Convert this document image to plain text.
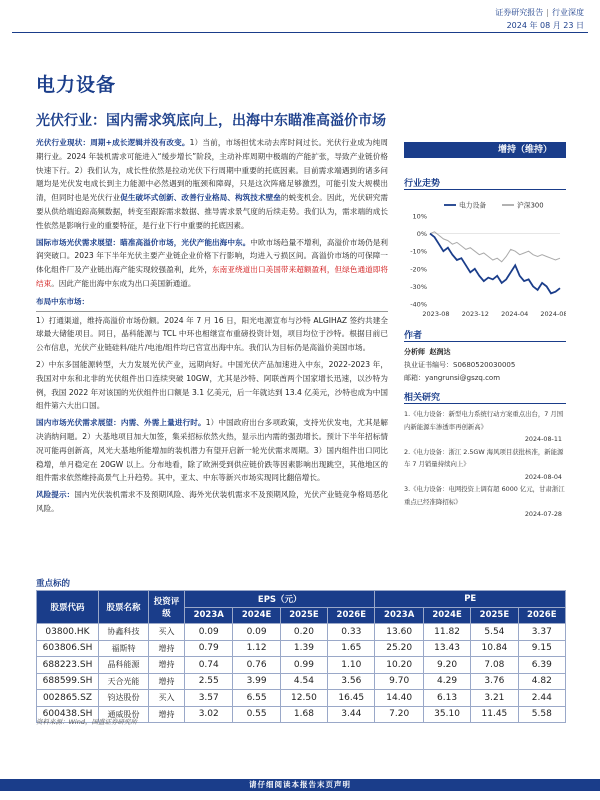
证券研究报告 | 行业深度
2024 年 08 月 23 日
电力设备
光伏行业：国内需求筑底向上，出海中东瞄准高溢价市场
光伏行业现状：周期+成长逻辑并没有改变。1）当前，市场担忧未动去库时间过长。光伏行业成为纯周期行业。2024 年装机需求可能进入“缓步增长”阶段，主动补库周期中极端的产能扩张，导致产业链价格快速下行。2）我们认为，成长性依然是拉动光伏下行周期中重要的托底因素。目前需求端遇到的诸多问题均是光伏发电成长到主力能源中必然遇到的瓶颈和障碍，只是这次阵痛足够激烈，可能引发大规模出清，但同时也是光伏行业促生破坏式创新、改善行业格局、构筑技术壁垒的蜕变机会。因此，光伏研究需要从供给端追踪高频数据，转变至跟踪需求数据、推导需求景气度的后续走势。我们认为，需求端的成长性依然是影响行业的重要特征，是行业下行中重要的托底因素。
国际市场光伏需求展望：瞄准高溢价市场，光伏产能出海中东。中欧市场趋量不增利，高溢价市场仍是利润突破口。2023 年下半年光伏主要产业链企业价格下行影响，均进入亏损区间。高溢价市场的可保障一体化组件厂及产业链出海产能实现较强盈利，此外，东南亚绕道出口美国带来超额盈利，但绿色通道即将结束。因此产能出海中东成为出口美国新通道。
布局中东市场：
1）打通渠道，维持高溢价市场份额。2024 年 7 月 16 日，阳光电源宣布与沙特 ALGIHAZ 签约共建全球最大储能项目。同日，晶科能源与 TCL 中环也相继宣布重磅投资计划，项目均位于沙特。根据目前已公布信息，光伏产业链硅料/硅片/电池/组件均已官宣出海中东。我们认为目标仍是高溢价美国市场。
2）中东多国能源转型，大力发展光伏产业，远期向好。中国光伏产品加速进入中东，2022-2023 年，我国对中东和北非的光伏组件出口连续突破 10GW，尤其是沙特、阿联酋两个国家增长迅速，以沙特为例，我国 2022 年对该国的光伏组件出口额是 3.1 亿美元，后一年就达到 13.4 亿美元，沙特也成为中国组件第六大出口国。
国内市场光伏需求展望：内需、外需上量进行时。1）中国政府出台多项政策，支持光伏发电，尤其是解决消纳问题。2）大基地项目加大加签，集采招标依然火热，显示出内需的强劲增长。预计下半年招标情况可能再创新高，风光大基地所能增加的装机潜力有望开启新一轮光伏需求周期。3）国内组件出口同比稳增，单月稳定在 20GW 以上。分布地看，除了欧洲受到供应链价跌等因素影响出现跳空，其他地区的组件需求依然维持高景气上升趋势。其中，亚太、中东等新兴市场实现同比翻倍增长。
风险提示：国内光伏装机需求不及预期风险、海外光伏装机需求不及预期风险，光伏产业链竞争格局恶化风险。
增持（维持）
行业走势
10%
0%
-10%
-20%
-30%
-40%
2023-08 2023-12 2024-04 2024-08
电力设备	沪深300
作者
分析师 赵润达
执业证书编号：S0680520030005
邮箱：yangrunsi@gszq.com
相关研究
1.《电力设备：新型电力系统行动方案重点出台，7 月国内新能源车渗透率再创新高》
2024-08-11
2.《电力设备：浙江 2.5GW 海风项目获批核准，新能源车 7 月销量持续向上》
2024-08-04
3.《电力设备：电网投资上调有超 6000 亿元，甘肃浙江重点已经准降招标》
2024-07-28
重点标的
股票代码	股票名称	投资评级	EPS（元）				PE			
			2023A	2024E	2025E	2026E	2023A	2024E	2025E	2026E
03800.HK	协鑫科技	买入	0.09	0.09	0.20	0.33	13.60	11.82	5.54	3.37
603806.SH	福斯特	增持	0.79	1.12	1.39	1.65	25.20	13.43	10.84	9.15
688223.SH	晶科能源	增持	0.74	0.76	0.99	1.10	10.20	9.20	7.08	6.39
688599.SH	天合光能	增持	2.55	3.99	4.54	3.56	9.70	4.29	3.76	4.82
002865.SZ	钧达股份	买入	3.57	6.55	12.50	16.45	14.40	6.13	3.21	2.44
600438.SH	通威股份	增持	3.02	0.55	1.68	3.44	7.20	35.10	11.45	5.58
资料来源：Wind，国盛证券研究所
请仔细阅读本报告末页声明
